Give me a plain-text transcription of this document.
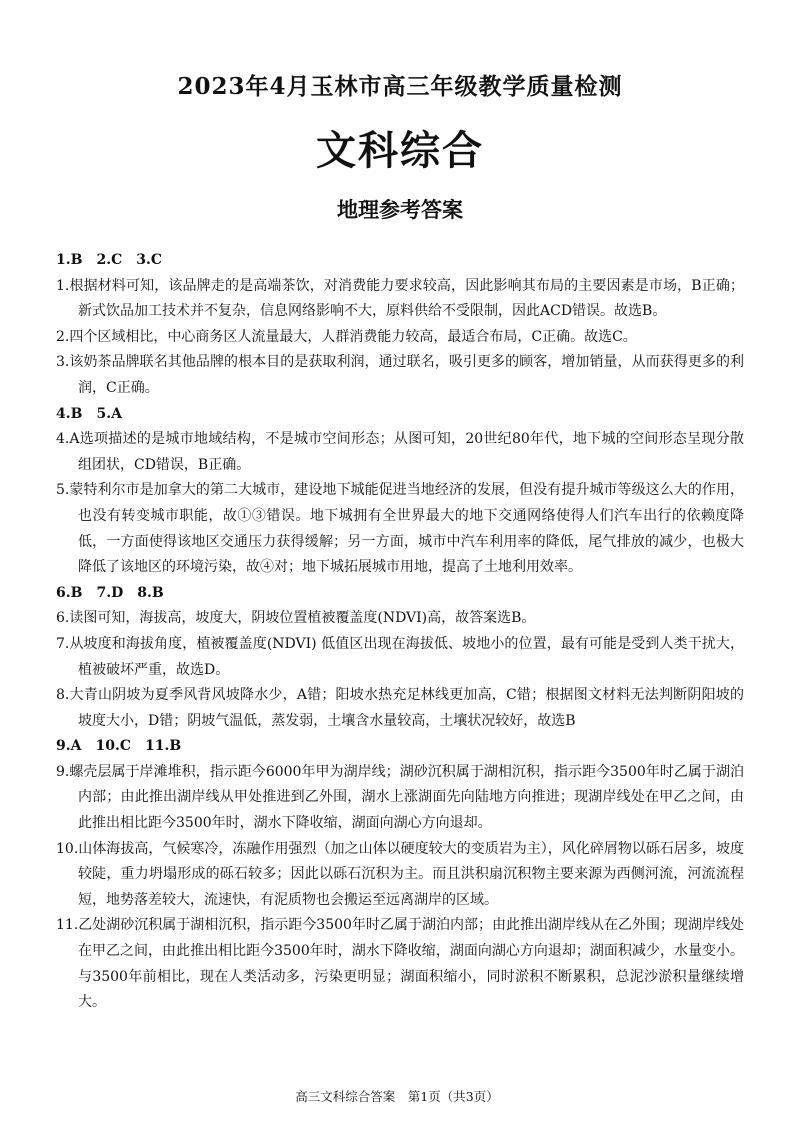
2023年4月玉林市高三年级教学质量检测
文科综合
地理参考答案

1.B　2.C　3.C

1.根据材料可知，该品牌走的是高端茶饮，对消费能力要求较高，因此影响其布局的主要因素是市场，B正确；新式饮品加工技术并不复杂，信息网络影响不大，原料供给不受限制，因此ACD错误。故选B。

2.四个区域相比，中心商务区人流量最大，人群消费能力较高，最适合布局，C正确。故选C。

3.该奶茶品牌联名其他品牌的根本目的是获取利润，通过联名，吸引更多的顾客，增加销量，从而获得更多的利润，C正确。

4.B　5.A

4.A选项描述的是城市地域结构，不是城市空间形态；从图可知，20世纪80年代，地下城的空间形态呈现分散组团状，CD错误，B正确。

5.蒙特利尔市是加拿大的第二大城市，建设地下城能促进当地经济的发展，但没有提升城市等级这么大的作用，也没有转变城市职能，故①③错误。地下城拥有全世界最大的地下交通网络使得人们汽车出行的依赖度降低，一方面使得该地区交通压力获得缓解；另一方面，城市中汽车利用率的降低，尾气排放的减少，也极大降低了该地区的环境污染，故④对；地下城拓展城市用地，提高了土地利用效率。

6.B　7.D　8.B

6.读图可知，海拔高，坡度大，阴坡位置植被覆盖度(NDVI)高，故答案选B。

7.从坡度和海拔角度，植被覆盖度(NDVI) 低值区出现在海拔低、坡地小的位置，最有可能是受到人类干扰大，植被破坏严重，故选D。

8.大青山阴坡为夏季风背风坡降水少，A错；阳坡水热充足林线更加高，C错；根据图文材料无法判断阴阳坡的坡度大小，D错；阴坡气温低，蒸发弱，土壤含水量较高，土壤状况较好，故选B

9.A　10.C　11.B

9.螺壳层属于岸滩堆积，指示距今6000年甲为湖岸线；湖砂沉积属于湖相沉积，指示距今3500年时乙属于湖泊内部；由此推出湖岸线从甲处推进到乙外围，湖水上涨湖面先向陆地方向推进；现湖岸线处在甲乙之间，由此推出相比距今3500年时，湖水下降收缩，湖面向湖心方向退却。

10.山体海拔高，气候寒冷，冻融作用强烈（加之山体以硬度较大的变质岩为主），风化碎屑物以砾石居多，坡度较陡，重力坍塌形成的砾石较多；因此以砾石沉积为主。而且洪积扇沉积物主要来源为西侧河流，河流流程短，地势落差较大，流速快，有泥质物也会搬运至远离湖岸的区域。

11.乙处湖砂沉积属于湖相沉积，指示距今3500年时乙属于湖泊内部；由此推出湖岸线从在乙外围；现湖岸线处在甲乙之间，由此推出相比距今3500年时，湖水下降收缩，湖面向湖心方向退却；湖面积减少，水量变小。与3500年前相比，现在人类活动多，污染更明显；湖面积缩小，同时淤积不断累积，总泥沙淤积量继续增大。

高三文科综合答案　第1页（共3页）
